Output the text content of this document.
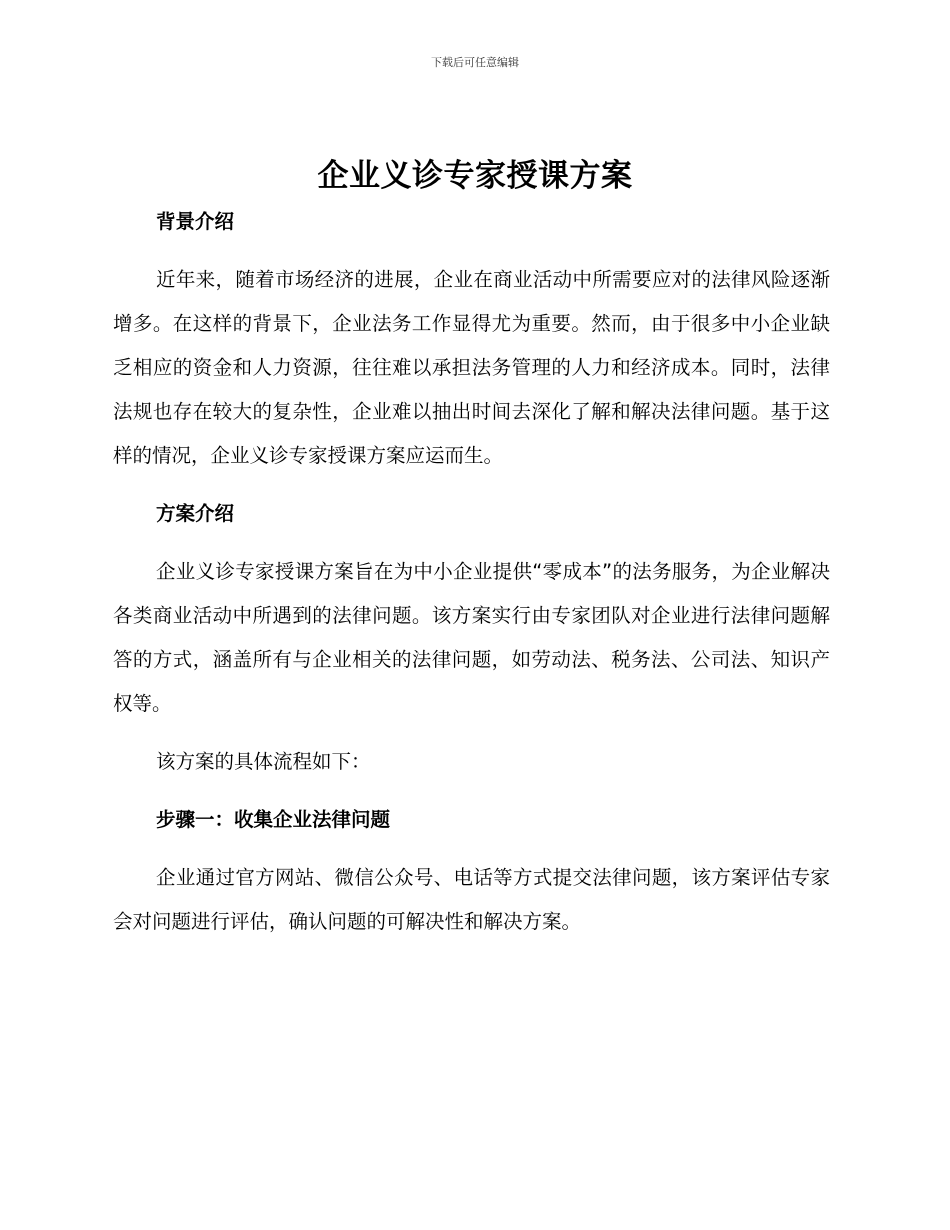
下载后可任意编辑
企业义诊专家授课方案

背景介绍

近年来，随着市场经济的进展，企业在商业活动中所需要应对的法律风险逐渐增多。在这样的背景下，企业法务工作显得尤为重要。然而，由于很多中小企业缺乏相应的资金和人力资源，往往难以承担法务管理的人力和经济成本。同时，法律法规也存在较大的复杂性，企业难以抽出时间去深化了解和解决法律问题。基于这样的情况，企业义诊专家授课方案应运而生。

方案介绍

企业义诊专家授课方案旨在为中小企业提供“零成本”的法务服务，为企业解决各类商业活动中所遇到的法律问题。该方案实行由专家团队对企业进行法律问题解答的方式，涵盖所有与企业相关的法律问题，如劳动法、税务法、公司法、知识产权等。

该方案的具体流程如下：

步骤一：收集企业法律问题

企业通过官方网站、微信公众号、电话等方式提交法律问题，该方案评估专家会对问题进行评估，确认问题的可解决性和解决方案。
